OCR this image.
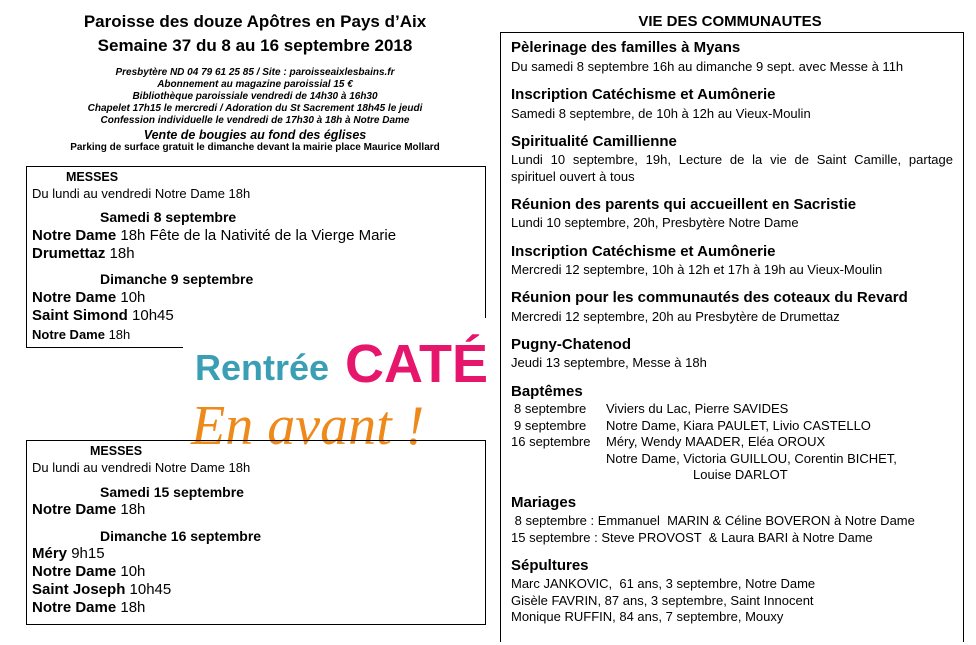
Paroisse des douze Apôtres en Pays d’Aix
Semaine 37 du 8 au 16 septembre 2018
Presbytère ND 04 79 61 25 85 / Site : paroisseaixlesbains.fr
Abonnement au magazine paroissial 15 €
Bibliothèque paroissiale vendredi de 14h30 à 16h30
Chapelet 17h15 le mercredi / Adoration du St Sacrement 18h45 le jeudi
Confession individuelle le vendredi de 17h30 à 18h à Notre Dame
Vente de bougies au fond des églises
Parking de surface gratuit le dimanche devant la mairie place Maurice Mollard
MESSES
Du lundi au vendredi Notre Dame 18h
Samedi 8 septembre
Notre Dame 18h Fête de la Nativité de la Vierge Marie
Drumettaz 18h
Dimanche 9 septembre
Notre Dame 10h
Saint Simond 10h45
Notre Dame 18h
Rentrée CATÉ
En avant !
MESSES
Du lundi au vendredi Notre Dame 18h
Samedi 15 septembre
Notre Dame 18h
Dimanche 16 septembre
Méry 9h15
Notre Dame 10h
Saint Joseph 10h45
Notre Dame 18h
VIE DES COMMUNAUTES
Pèlerinage des familles à Myans
Du samedi 8 septembre 16h au dimanche 9 sept. avec Messe à 11h
Inscription Catéchisme et Aumônerie
Samedi 8 septembre, de 10h à 12h au Vieux-Moulin
Spiritualité Camillienne
Lundi 10 septembre, 19h, Lecture de la vie de Saint Camille, partage spirituel ouvert à tous
Réunion des parents qui accueillent en Sacristie
Lundi 10 septembre, 20h, Presbytère Notre Dame
Inscription Catéchisme et Aumônerie
Mercredi 12 septembre, 10h à 12h et 17h à 19h au Vieux-Moulin
Réunion pour les communautés des coteaux du Revard
Mercredi 12 septembre, 20h au Presbytère de Drumettaz
Pugny-Chatenod
Jeudi 13 septembre, Messe à 18h
Baptêmes
8 septembre Viviers du Lac, Pierre SAVIDES
9 septembre Notre Dame, Kiara PAULET, Livio CASTELLO
16 septembre Méry, Wendy MAADER, Eléa OROUX
Notre Dame, Victoria GUILLOU, Corentin BICHET,
Louise DARLOT
Mariages
8 septembre : Emmanuel  MARIN & Céline BOVERON à Notre Dame
15 septembre : Steve PROVOST  & Laura BARI à Notre Dame
Sépultures
Marc JANKOVIC,  61 ans, 3 septembre, Notre Dame
Gisèle FAVRIN, 87 ans, 3 septembre, Saint Innocent
Monique RUFFIN, 84 ans, 7 septembre, Mouxy
